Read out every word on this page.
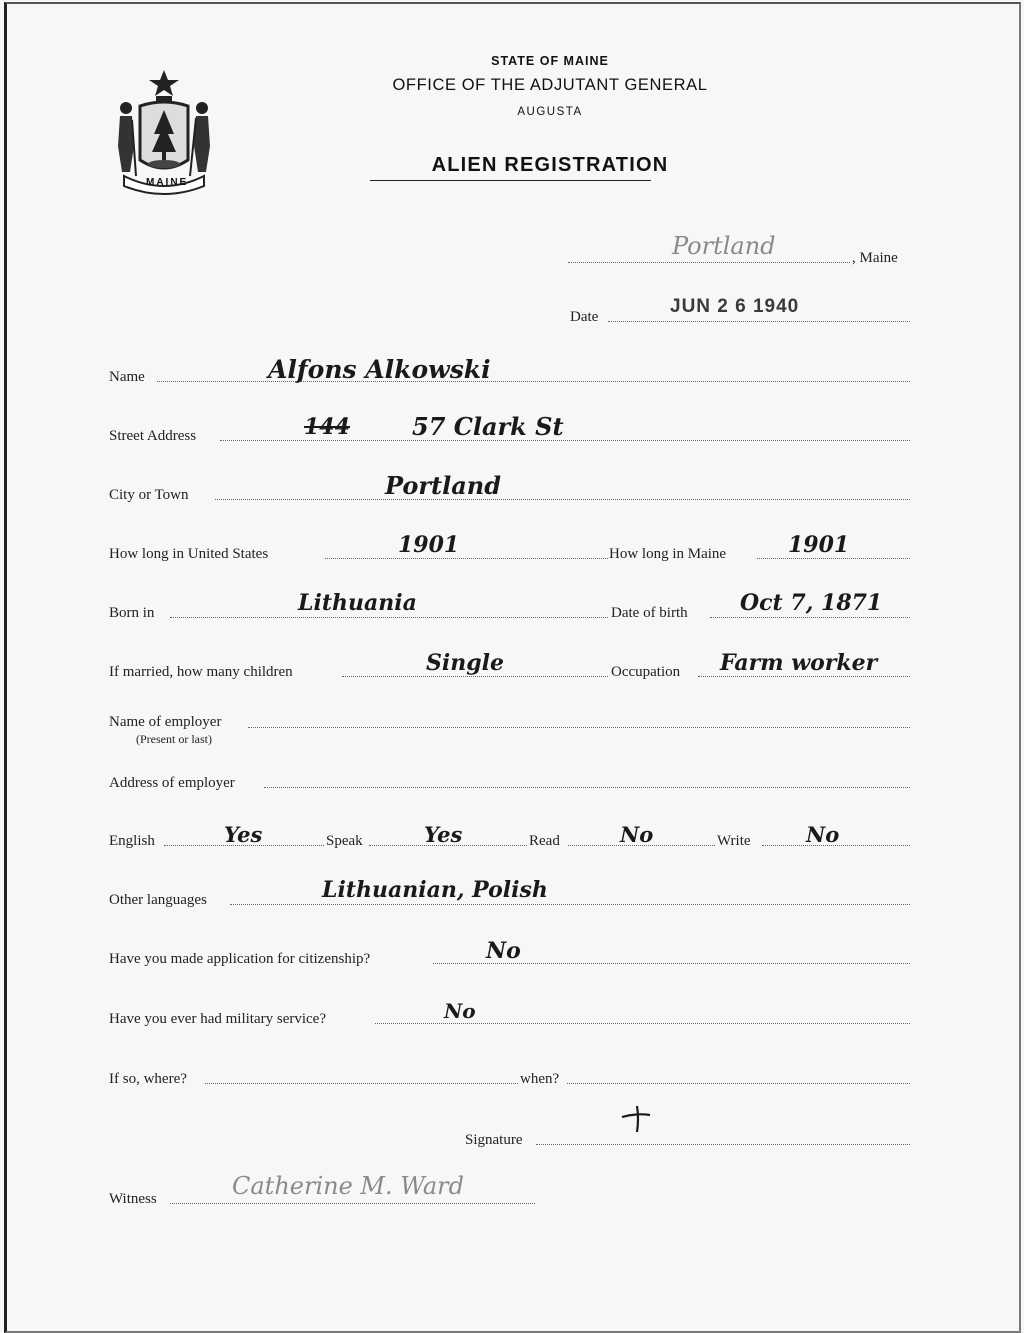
MAINE
STATE OF MAINE
OFFICE OF THE ADJUTANT GENERAL
AUGUSTA
ALIEN REGISTRATION
Portland	, Maine
Date	JUN 2 6 1940
Name	Alfons Alkowski
Street Address	144	57 Clark St
City or Town	Portland
How long in United States	1901	How long in Maine	1901
Born in	Lithuania	Date of birth Oct 7, 1871
If married, how many children	Single	Occupation Farm worker
Name of employer
(Present or last)
Address of employer
English	Yes	Speak	Yes	Read	No	Write	No
Other languages	Lithuanian, Polish
Have you made application for citizenship?	No
Have you ever had military service?	No
If so, where?	when?
Signature
Witness	Catherine M. Ward
